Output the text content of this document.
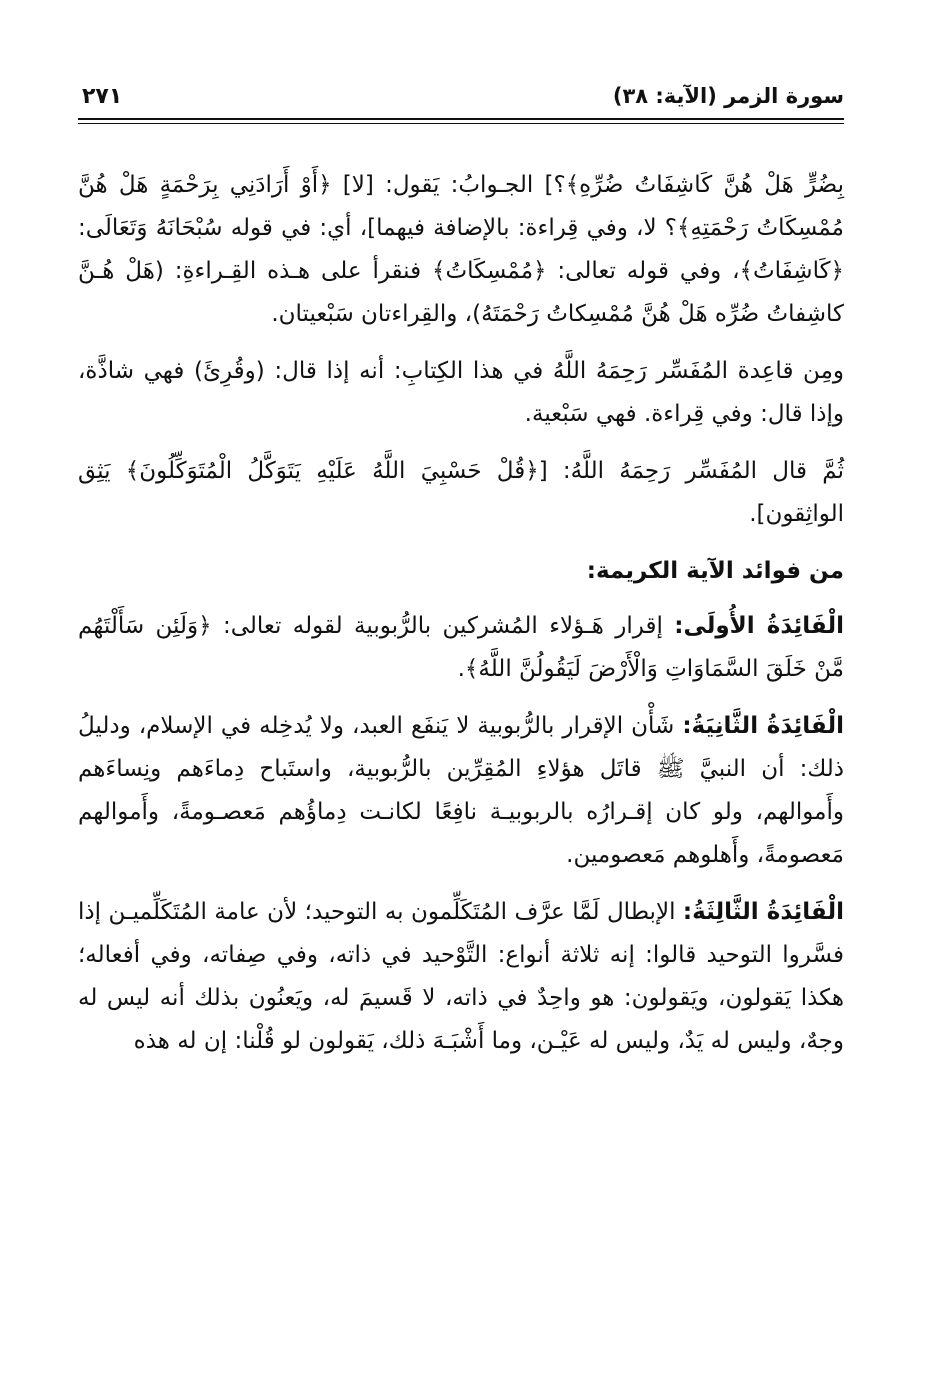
سورة الزمر (الآية: ٣٨)
٢٧١

بِضُرٍّ هَلْ هُنَّ كَاشِفَاتُ ضُرِّهِ﴾؟] الجـوابُ: يَقول: [لا] ﴿أَوْ أَرَادَنِي بِرَحْمَةٍ هَلْ هُنَّ مُمْسِكَاتُ رَحْمَتِهِ﴾؟ لا، وفي قِراءة: بالإضافة فيهما]، أي: في قوله سُبْحَانَهُ وَتَعَالَى: ﴿كَاشِفَاتُ﴾، وفي قوله تعالى: ﴿مُمْسِكَاتُ﴾ فنقرأ على هـذه القِـراءةِ: (هَلْ هُـنَّ كاشِفاتُ ضُرِّه هَلْ هُنَّ مُمْسِكاتُ رَحْمَتَهُ)، والقِراءتان سَبْعيتان.

ومِن قاعِدة المُفَسِّر رَحِمَهُ اللَّهُ في هذا الكِتابِ: أنه إذا قال: (وقُرِئَ) فهي شاذَّة، وإذا قال: وفي قِراءة. فهي سَبْعية.

ثُمَّ قال المُفَسِّر رَحِمَهُ اللَّهُ: [﴿قُلْ حَسْبِيَ اللَّهُ عَلَيْهِ يَتَوَكَّلُ الْمُتَوَكِّلُونَ﴾ يَثِق الواثِقون].

من فوائد الآية الكريمة:

الْفَائِدَةُ الأُولَى: إقرار هَـؤلاء المُشركين بالرُّبوبية لقوله تعالى: ﴿وَلَئِن سَأَلْتَهُم مَّنْ خَلَقَ السَّمَاوَاتِ وَالْأَرْضَ لَيَقُولُنَّ اللَّهُ﴾.

الْفَائِدَةُ الثَّانِيَةُ: شَأْن الإقرار بالرُّبوبية لا يَنفَع العبد، ولا يُدخِله في الإسلام، ودليلُ ذلك: أن النبيَّ ﷺ قاتَل هؤلاءِ المُقِرِّين بالرُّبوبية، واستَباح دِماءَهم ونِساءَهم وأَموالهم، ولو كان إقـرارُه بالربوبيـة نافِعًا لكانـت دِماؤُهم مَعصـومةً، وأَموالهم مَعصومةً، وأَهلوهم مَعصومين.

الْفَائِدَةُ الثَّالِثَةُ: الإبطال لَمَّا عرَّف المُتَكَلِّمون به التوحيد؛ لأن عامة المُتَكَلِّميـن إذا فسَّروا التوحيد قالوا: إنه ثلاثة أنواع: التَّوْحيد في ذاته، وفي صِفاته، وفي أفعاله؛ هكذا يَقولون، ويَقولون: هو واحِدٌ في ذاته، لا قَسيمَ له، ويَعنُون بذلك أنه ليس له وجهٌ، وليس له يَدٌ، وليس له عَيْـن، وما أَشْبَـهَ ذلك، يَقولون لو قُلْنا: إن له هذه
